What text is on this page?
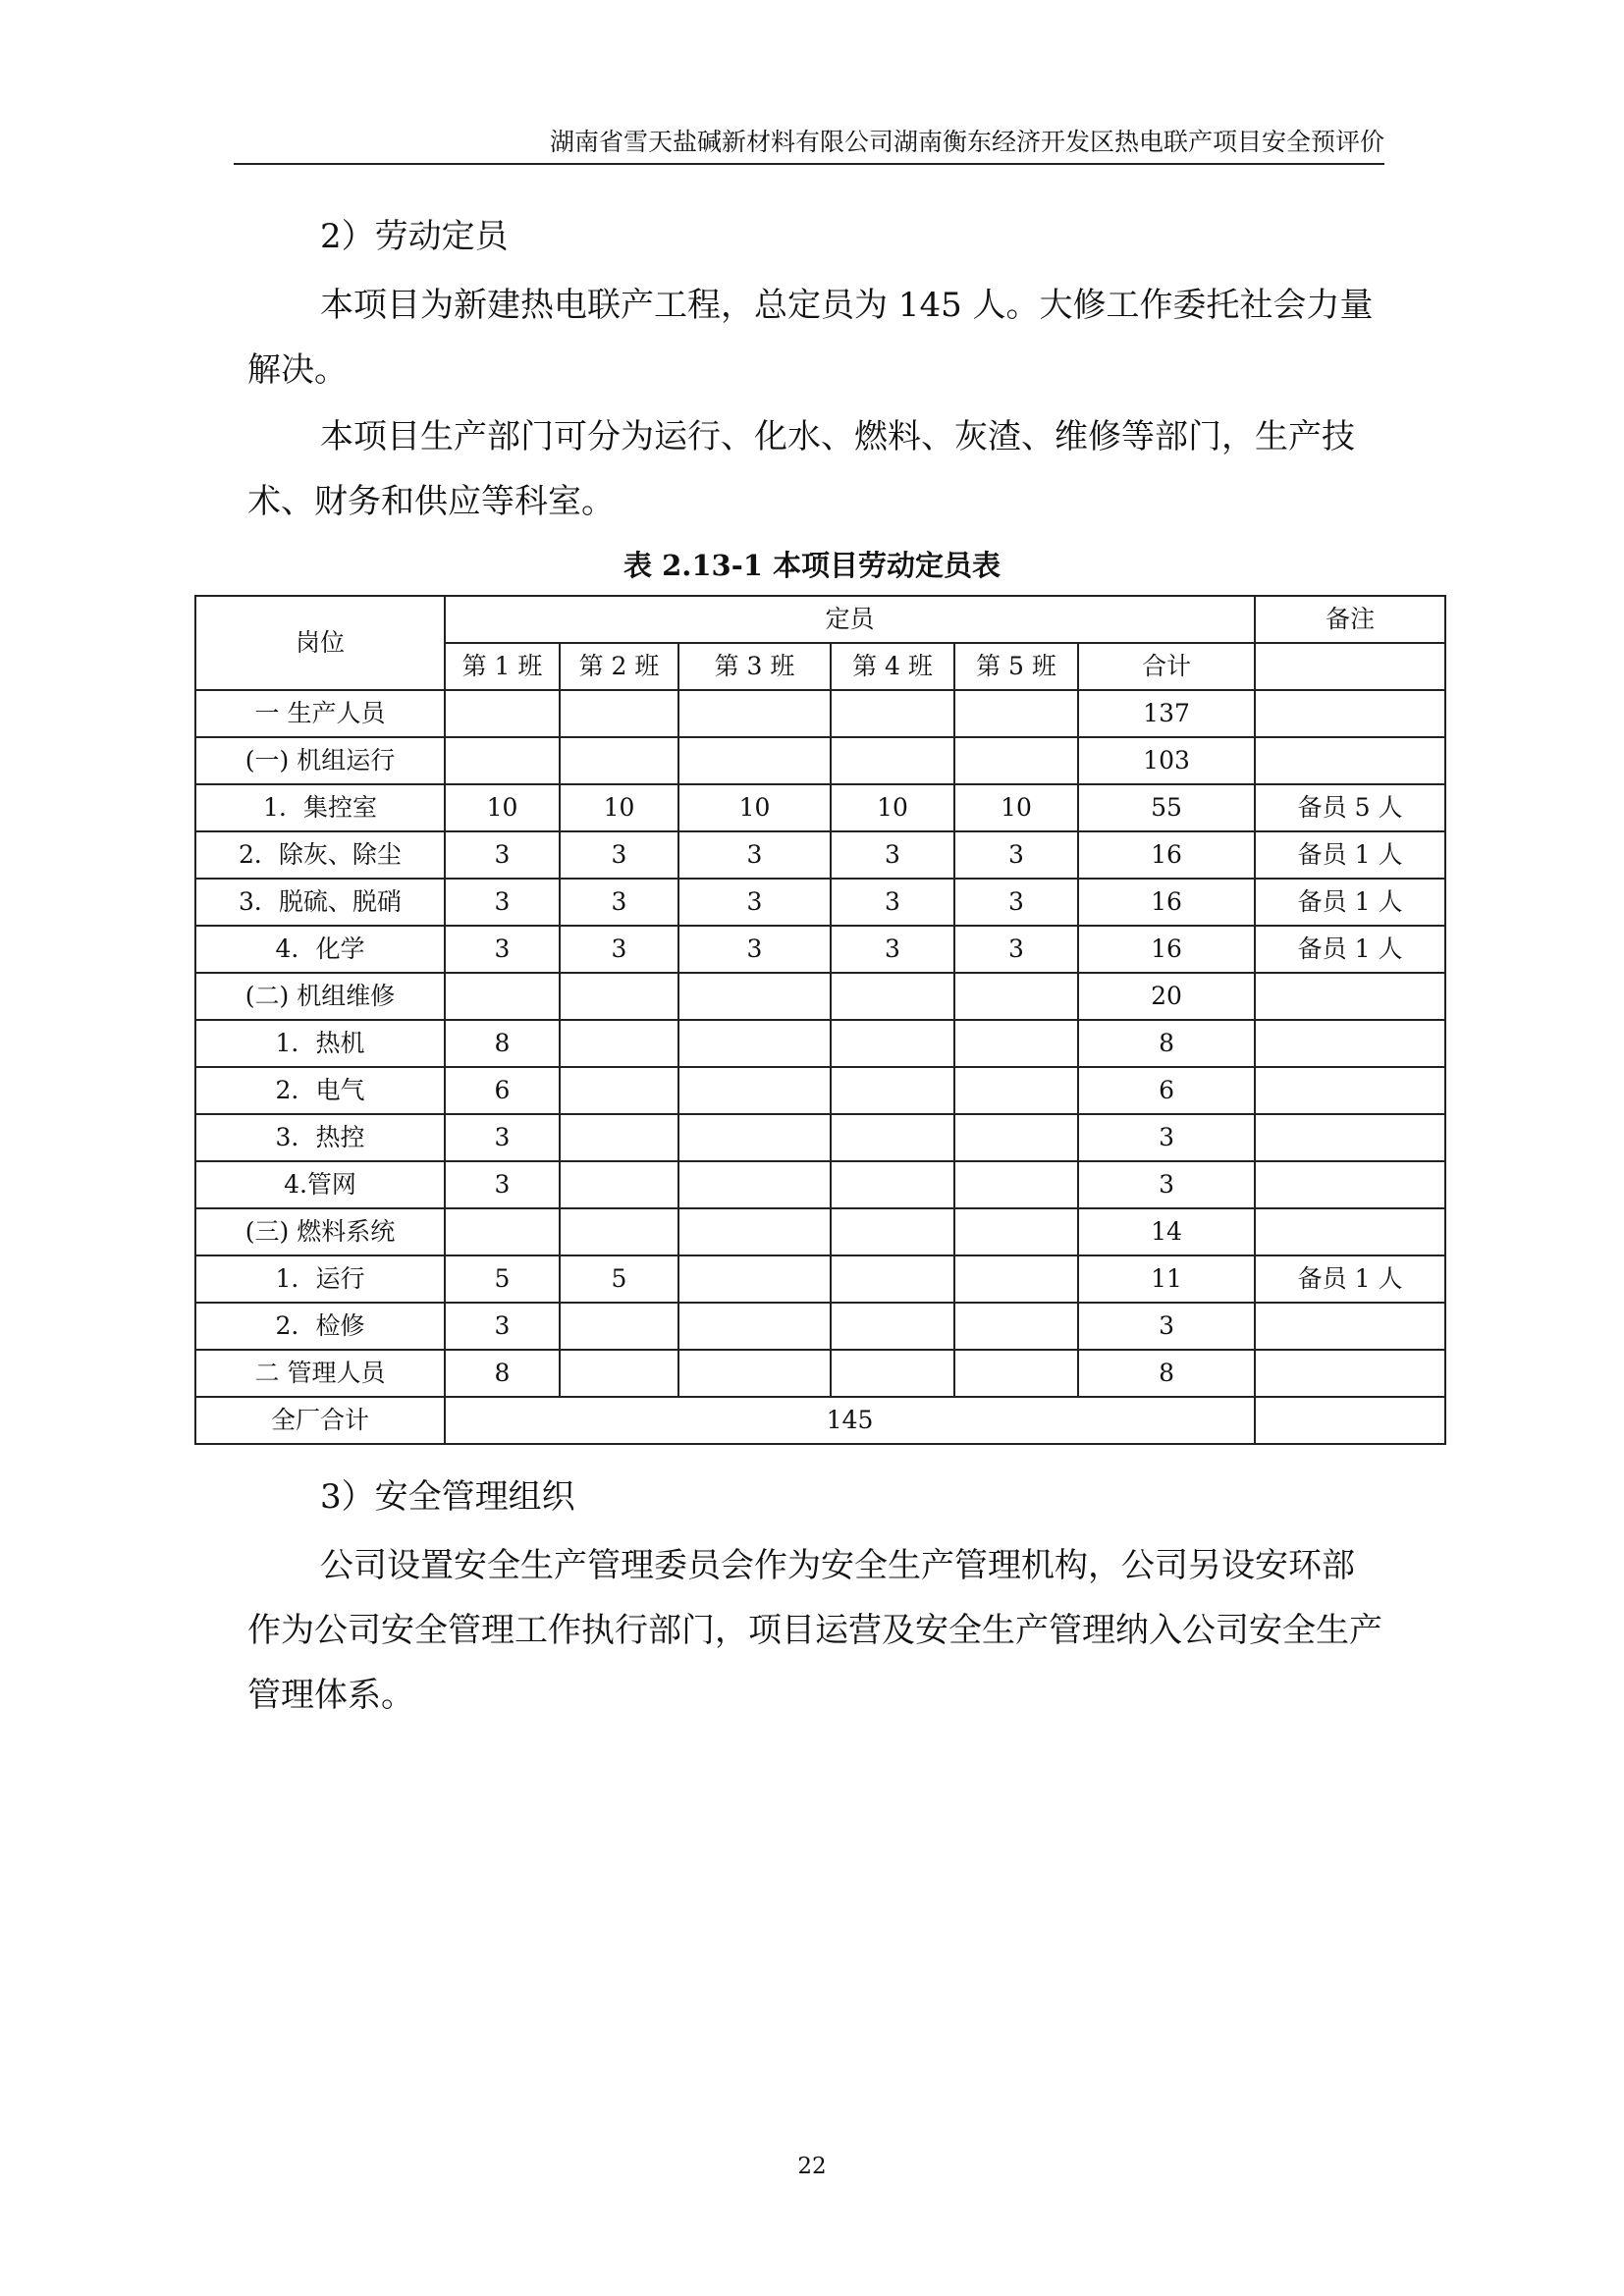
湖南省雪天盐碱新材料有限公司湖南衡东经济开发区热电联产项目安全预评价
2）劳动定员

本项目为新建热电联产工程，总定员为 145 人。大修工作委托社会力量解决。

本项目生产部门可分为运行、化水、燃料、灰渣、维修等部门，生产技术、财务和供应等科室。

表 2.13-1 本项目劳动定员表
岗位	定员						备注
	第 1 班	第 2 班	第 3 班	第 4 班	第 5 班	合计	
一 生产人员						137	
(一) 机组运行						103	
1．集控室	10	10	10	10	10	55	备员 5 人
2．除灰、除尘	3	3	3	3	3	16	备员 1 人
3．脱硫、脱硝	3	3	3	3	3	16	备员 1 人
4．化学	3	3	3	3	3	16	备员 1 人
(二) 机组维修						20	
1．热机	8					8	
2．电气	6					6	
3．热控	3					3	
4.管网	3					3	
(三) 燃料系统						14	
1．运行	5	5				11	备员 1 人
2．检修	3					3	
二 管理人员	8					8	
全厂合计	145						
3）安全管理组织

公司设置安全生产管理委员会作为安全生产管理机构，公司另设安环部作为公司安全管理工作执行部门，项目运营及安全生产管理纳入公司安全生产管理体系。

22
